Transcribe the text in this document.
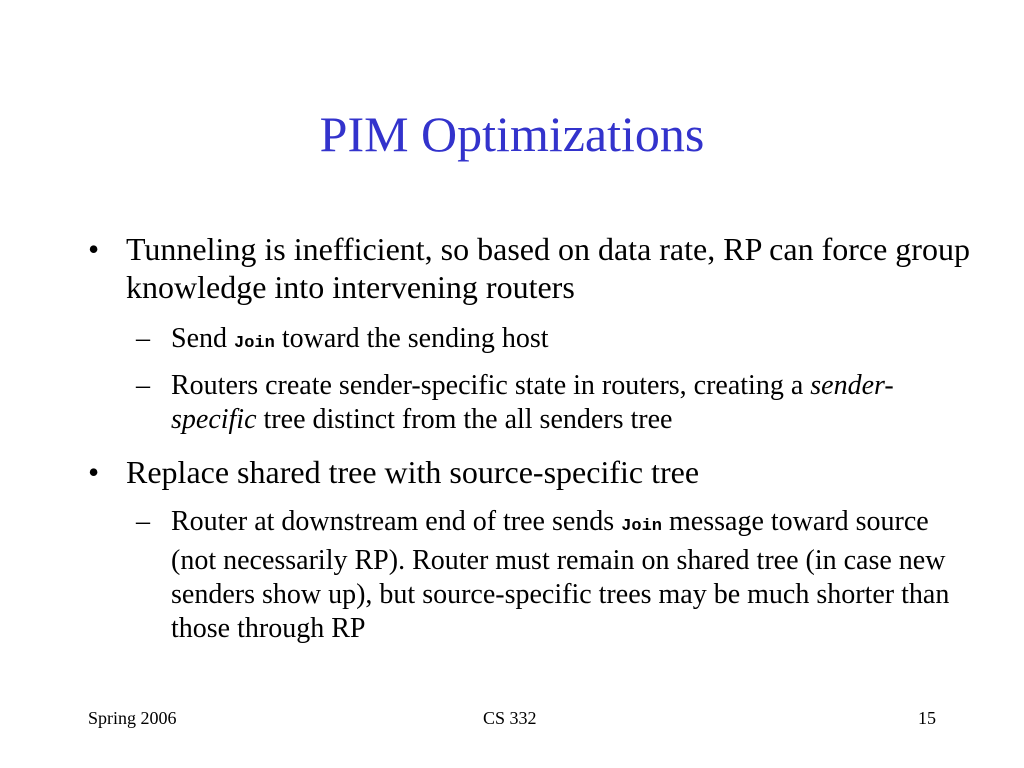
PIM Optimizations
• Tunneling is inefficient, so based on data rate, RP can force group knowledge into intervening routers
– Send Join toward the sending host
– Routers create sender-specific state in routers, creating a sender-specific tree distinct from the all senders tree
• Replace shared tree with source-specific tree
– Router at downstream end of tree sends Join message toward source (not necessarily RP). Router must remain on shared tree (in case new senders show up), but source-specific trees may be much shorter than those through RP
Spring 2006	CS 332	15
